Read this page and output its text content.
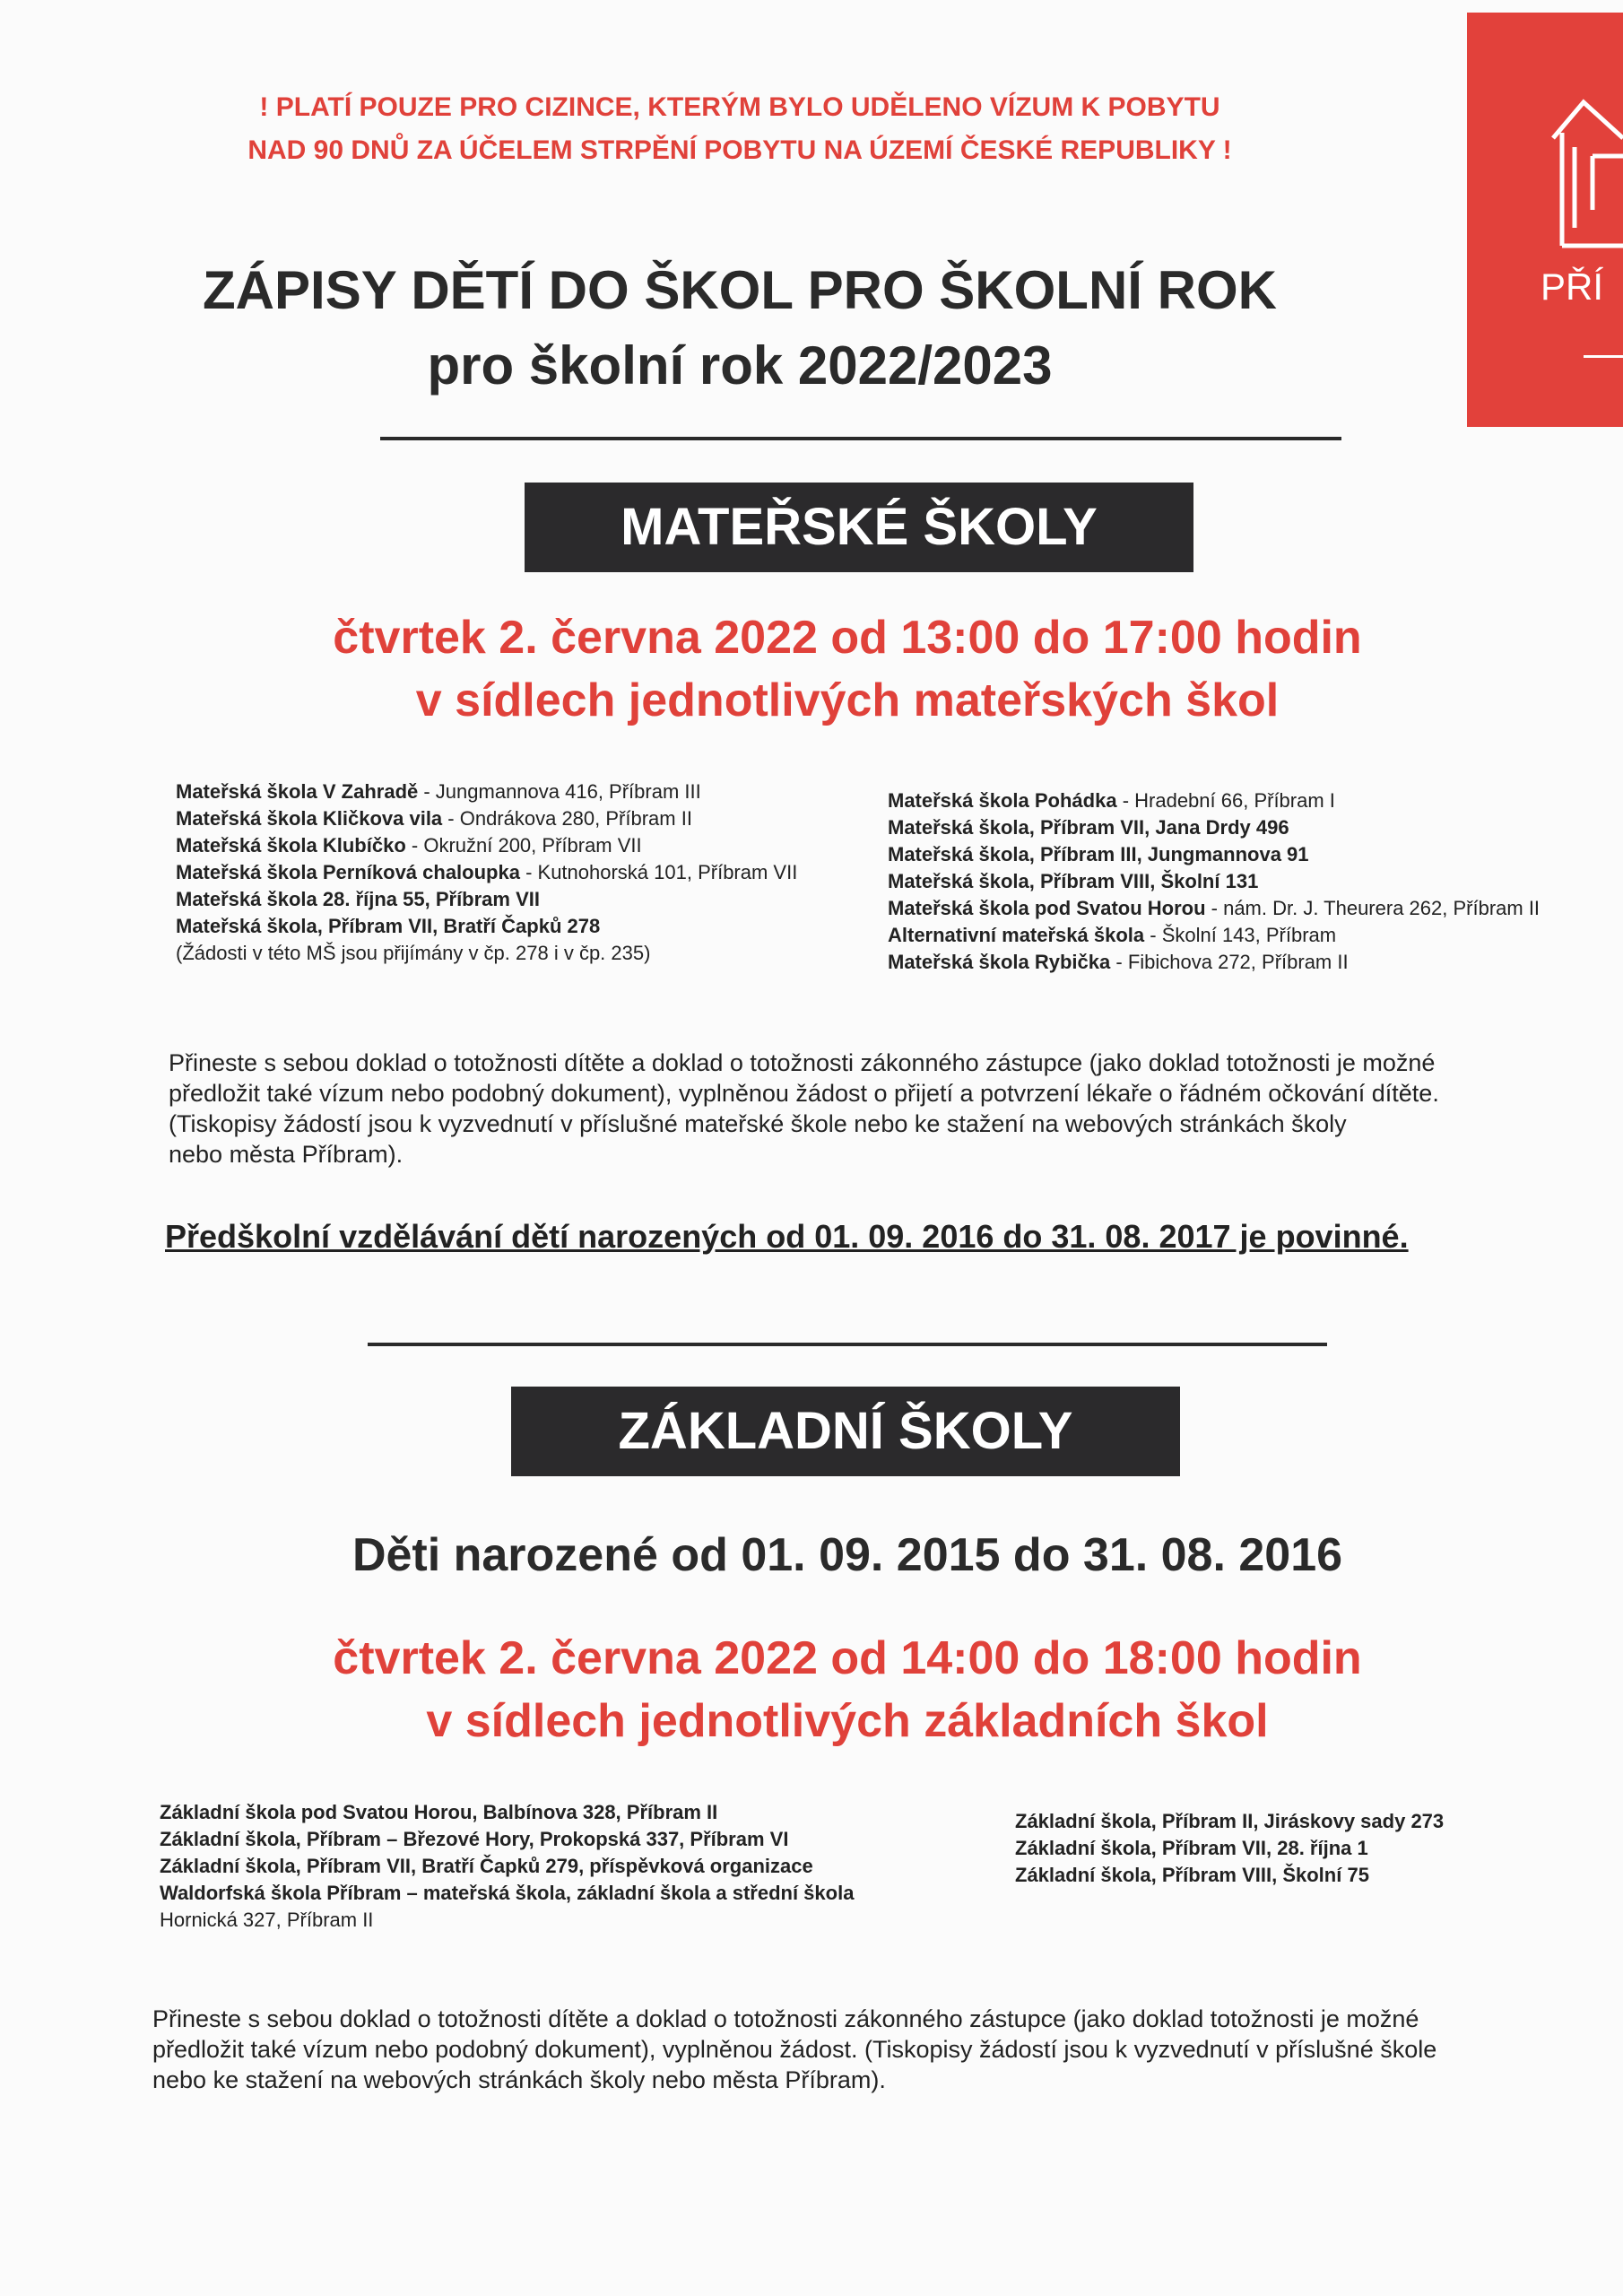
PŘÍ
! PLATÍ POUZE PRO CIZINCE, KTERÝM BYLO UDĚLENO VÍZUM K POBYTU
NAD 90 DNŮ ZA ÚČELEM STRPĚNÍ POBYTU NA ÚZEMÍ ČESKÉ REPUBLIKY !
ZÁPISY DĚTÍ DO ŠKOL PRO ŠKOLNÍ ROK
pro školní rok 2022/2023
MATEŘSKÉ ŠKOLY
čtvrtek 2. června 2022 od 13:00 do 17:00 hodin
v sídlech jednotlivých mateřských škol
Mateřská škola V Zahradě - Jungmannova 416, Příbram III
Mateřská škola Kličkova vila - Ondrákova 280, Příbram II
Mateřská škola Klubíčko - Okružní 200, Příbram VII
Mateřská škola Perníková chaloupka - Kutnohorská 101, Příbram VII
Mateřská škola 28. října 55, Příbram VII
Mateřská škola, Příbram VII, Bratří Čapků 278
(Žádosti v této MŠ jsou přijímány v čp. 278 i v čp. 235)
Mateřská škola Pohádka - Hradební 66, Příbram I
Mateřská škola, Příbram VII, Jana Drdy 496
Mateřská škola, Příbram III, Jungmannova 91
Mateřská škola, Příbram VIII, Školní 131
Mateřská škola pod Svatou Horou - nám. Dr. J. Theurera 262, Příbram II
Alternativní mateřská škola - Školní 143, Příbram
Mateřská škola Rybička - Fibichova 272, Příbram II
Přineste s sebou doklad o totožnosti dítěte a doklad o totožnosti zákonného zástupce (jako doklad totožnosti je možné
předložit také vízum nebo podobný dokument), vyplněnou žádost o přijetí a potvrzení lékaře o řádném očkování dítěte.
(Tiskopisy žádostí jsou k vyzvednutí v příslušné mateřské škole nebo ke stažení na webových stránkách školy
nebo města Příbram).
Předškolní vzdělávání dětí narozených od 01. 09. 2016 do 31. 08. 2017 je povinné.
ZÁKLADNÍ ŠKOLY
Děti narozené od 01. 09. 2015 do 31. 08. 2016
čtvrtek 2. června 2022 od 14:00 do 18:00 hodin
v sídlech jednotlivých základních škol
Základní škola pod Svatou Horou, Balbínova 328, Příbram II
Základní škola, Příbram – Březové Hory, Prokopská 337, Příbram VI
Základní škola, Příbram VII, Bratří Čapků 279, příspěvková organizace
Waldorfská škola Příbram – mateřská škola, základní škola a střední škola
Hornická 327, Příbram II
Základní škola, Příbram II, Jiráskovy sady 273
Základní škola, Příbram VII, 28. října 1
Základní škola, Příbram VIII, Školní 75
Přineste s sebou doklad o totožnosti dítěte a doklad o totožnosti zákonného zástupce (jako doklad totožnosti je možné
předložit také vízum nebo podobný dokument), vyplněnou žádost. (Tiskopisy žádostí jsou k vyzvednutí v příslušné škole
nebo ke stažení na webových stránkách školy nebo města Příbram).
